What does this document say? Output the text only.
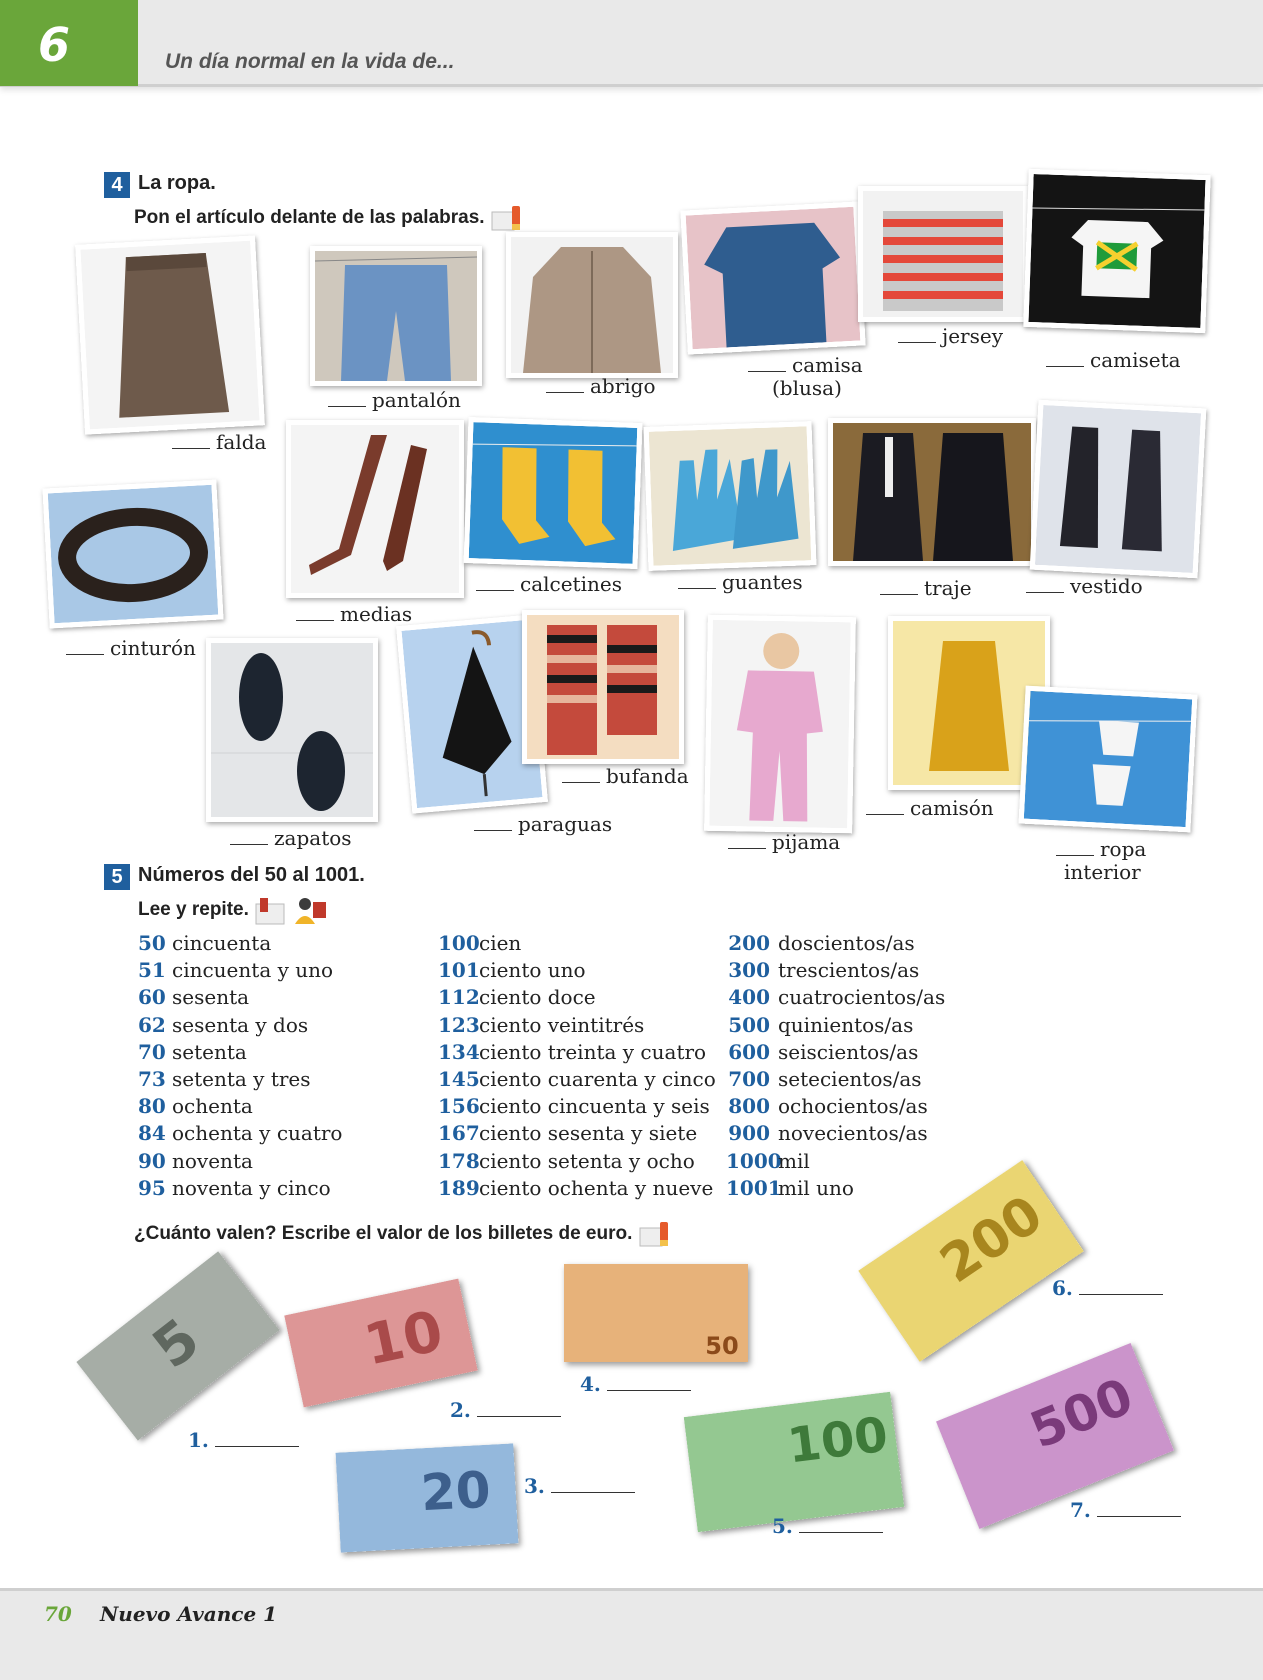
6	Un día normal en la vida de...
4 La ropa.
Pon el artículo delante de las palabras.
falda
pantalón
abrigo
camisa
(blusa)
jersey
camiseta
cinturón
medias
calcetines	guantes	traje	vestido
zapatos
paraguas
bufanda
pijama
camisón
ropa
interior
5 Números del 50 al 1001.
Lee y repite.
50 cincuenta
51 cincuenta y uno
60 sesenta
62 sesenta y dos
70 setenta
73 setenta y tres
80 ochenta
84 ochenta y cuatro
90 noventa
95 noventa y cinco
100cien
101ciento uno
112ciento doce
123ciento veintitrés
134ciento treinta y cuatro
145ciento cuarenta y cinco
156ciento cincuenta y seis
167ciento sesenta y siete
178ciento setenta y ocho
189ciento ochenta y nueve
200 doscientos/as
300 trescientos/as
400 cuatrocientos/as
500 quinientos/as
600 seiscientos/as
700 setecientos/as
800 ochocientos/as
900 novecientos/as
1000mil
1001mil uno
¿Cuánto valen? Escribe el valor de los billetes de euro.
5	10
20
50
100
200
500
1.
2.
3.
4.
5.
6.
7.
70 Nuevo Avance 1
